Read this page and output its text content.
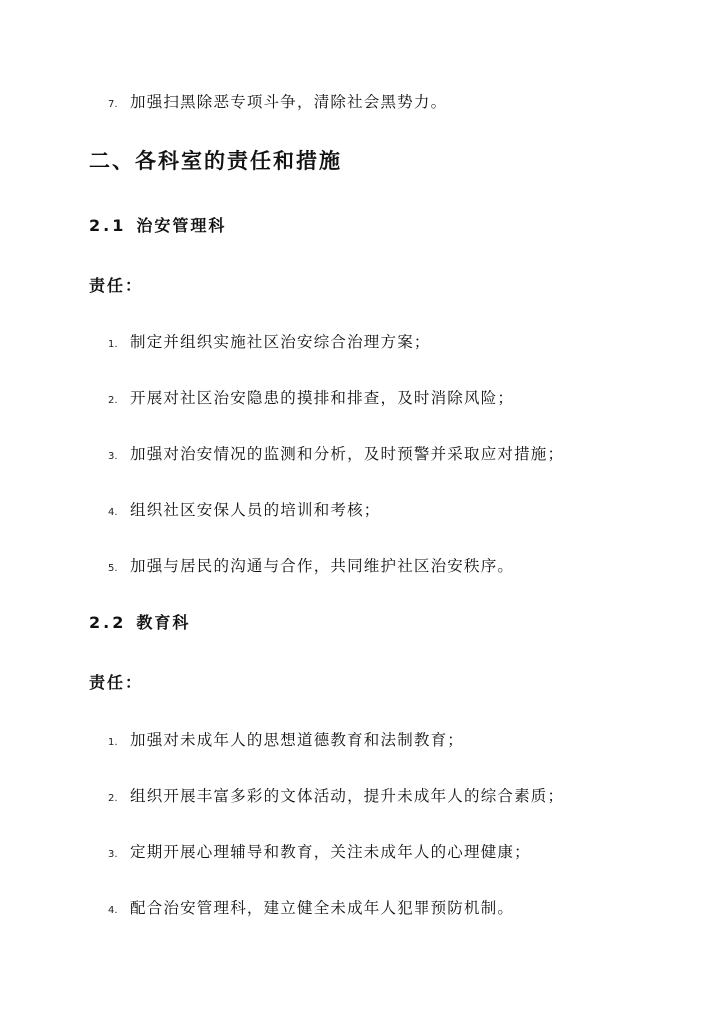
7. 加强扫黑除恶专项斗争，清除社会黑势力。
二、各科室的责任和措施
2.1 治安管理科
责任：
1. 制定并组织实施社区治安综合治理方案；
2. 开展对社区治安隐患的摸排和排查，及时消除风险；
3. 加强对治安情况的监测和分析，及时预警并采取应对措施；
4. 组织社区安保人员的培训和考核；
5. 加强与居民的沟通与合作，共同维护社区治安秩序。
2.2 教育科
责任：
1. 加强对未成年人的思想道德教育和法制教育；
2. 组织开展丰富多彩的文体活动，提升未成年人的综合素质；
3. 定期开展心理辅导和教育，关注未成年人的心理健康；
4. 配合治安管理科，建立健全未成年人犯罪预防机制。
